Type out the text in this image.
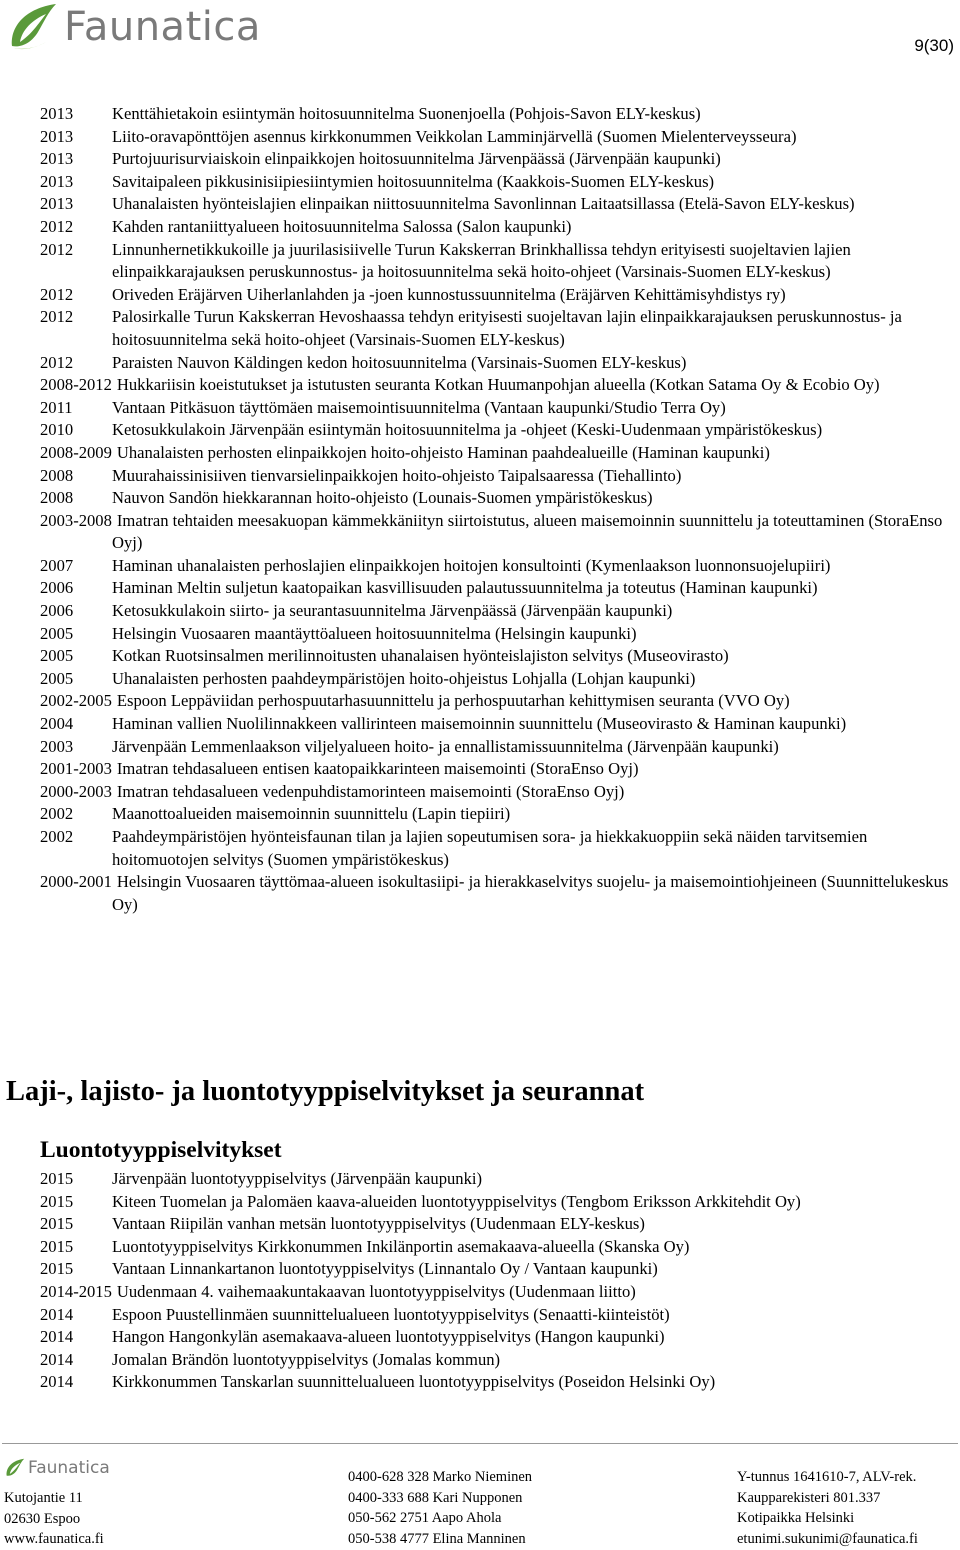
Faunatica	9(30)
2013	Kenttähietakoin esiintymän hoitosuunnitelma Suonenjoella (Pohjois-Savon ELY-keskus)
2013	Liito-oravapönttöjen asennus kirkkonummen Veikkolan Lamminjärvellä (Suomen Mielenterveysseura)
2013	Purtojuurisurviaiskoin elinpaikkojen hoitosuunnitelma Järvenpäässä (Järvenpään kaupunki)
2013	Savitaipaleen pikkusinisiipiesiintymien hoitosuunnitelma (Kaakkois-Suomen ELY-keskus)
2013	Uhanalaisten hyönteislajien elinpaikan niittosuunnitelma Savonlinnan Laitaatsillassa (Etelä-Savon ELY-keskus)
2012	Kahden rantaniittyalueen hoitosuunnitelma Salossa (Salon kaupunki)
2012	Linnunhernetikkukoille ja juurilasisiivelle Turun Kakskerran Brinkhallissa tehdyn erityisesti suojeltavien lajien elinpaikkarajauksen peruskunnostus- ja hoitosuunnitelma sekä hoito-ohjeet (Varsinais-Suomen ELY-keskus)
2012	Oriveden Eräjärven Uiherlanlahden ja -joen kunnostussuunnitelma (Eräjärven Kehittämisyhdistys ry)
2012	Palosirkalle Turun Kakskerran Hevoshaassa tehdyn erityisesti suojeltavan lajin elinpaikkarajauksen peruskunnostus- ja hoitosuunnitelma sekä hoito-ohjeet (Varsinais-Suomen ELY-keskus)
2012	Paraisten Nauvon Käldingen kedon hoitosuunnitelma (Varsinais-Suomen ELY-keskus)
2008-2012 Hukkariisin koeistutukset ja istutusten seuranta Kotkan Huumanpohjan alueella (Kotkan Satama Oy & Ecobio Oy)
2011	Vantaan Pitkäsuon täyttömäen maisemointisuunnitelma (Vantaan kaupunki/Studio Terra Oy)
2010	Ketosukkulakoin Järvenpään esiintymän hoitosuunnitelma ja -ohjeet (Keski-Uudenmaan ympäristökeskus)
2008-2009 Uhanalaisten perhosten elinpaikkojen hoito-ohjeisto Haminan paahdealueille (Haminan kaupunki)
2008	Muurahaissinisiiven tienvarsielinpaikkojen hoito-ohjeisto Taipalsaaressa (Tiehallinto)
2008	Nauvon Sandön hiekkarannan hoito-ohjeisto (Lounais-Suomen ympäristökeskus)
2003-2008 Imatran tehtaiden meesakuopan kämmekkäniityn siirtoistutus, alueen maisemoinnin suunnittelu ja toteuttaminen (StoraEnso Oyj)
2007	Haminan uhanalaisten perhoslajien elinpaikkojen hoitojen konsultointi (Kymenlaakson luonnonsuojelupiiri)
2006	Haminan Meltin suljetun kaatopaikan kasvillisuuden palautussuunnitelma ja toteutus (Haminan kaupunki)
2006	Ketosukkulakoin siirto- ja seurantasuunnitelma Järvenpäässä (Järvenpään kaupunki)
2005	Helsingin Vuosaaren maantäyttöalueen hoitosuunnitelma (Helsingin kaupunki)
2005	Kotkan Ruotsinsalmen merilinnoitusten uhanalaisen hyönteislajiston selvitys (Museovirasto)
2005	Uhanalaisten perhosten paahdeympäristöjen hoito-ohjeistus Lohjalla (Lohjan kaupunki)
2002-2005 Espoon Leppäviidan perhospuutarhasuunnittelu ja perhospuutarhan kehittymisen seuranta (VVO Oy)
2004	Haminan vallien Nuolilinnakkeen vallirinteen maisemoinnin suunnittelu (Museovirasto & Haminan kaupunki)
2003	Järvenpään Lemmenlaakson viljelyalueen hoito- ja ennallistamissuunnitelma (Järvenpään kaupunki)
2001-2003 Imatran tehdasalueen entisen kaatopaikkarinteen maisemointi (StoraEnso Oyj)
2000-2003 Imatran tehdasalueen vedenpuhdistamorinteen maisemointi (StoraEnso Oyj)
2002	Maanottoalueiden maisemoinnin suunnittelu (Lapin tiepiiri)
2002	Paahdeympäristöjen hyönteisfaunan tilan ja lajien sopeutumisen sora- ja hiekkakuoppiin sekä näiden tarvitsemien hoitomuotojen selvitys (Suomen ympäristökeskus)
2000-2001 Helsingin Vuosaaren täyttömaa-alueen isokultasiipi- ja hierakkaselvitys suojelu- ja maisemointiohjeineen (Suunnittelukeskus Oy)
Laji-, lajisto- ja luontotyyppiselvitykset ja seurannat
Luontotyyppiselvitykset
2015	Järvenpään luontotyyppiselvitys (Järvenpään kaupunki)
2015	Kiteen Tuomelan ja Palomäen kaava-alueiden luontotyyppiselvitys (Tengbom Eriksson Arkkitehdit Oy)
2015	Vantaan Riipilän vanhan metsän luontotyyppiselvitys (Uudenmaan ELY-keskus)
2015	Luontotyyppiselvitys Kirkkonummen Inkilänportin asemakaava-alueella (Skanska Oy)
2015	Vantaan Linnankartanon luontotyyppiselvitys (Linnantalo Oy / Vantaan kaupunki)
2014-2015 Uudenmaan 4. vaihemaakuntakaavan luontotyyppiselvitys (Uudenmaan liitto)
2014	Espoon Puustellinmäen suunnittelualueen luontotyyppiselvitys (Senaatti-kiinteistöt)
2014	Hangon Hangonkylän asemakaava-alueen luontotyyppiselvitys (Hangon kaupunki)
2014	Jomalan Brändön luontotyyppiselvitys (Jomalas kommun)
2014	Kirkkonummen Tanskarlan suunnittelualueen luontotyyppiselvitys (Poseidon Helsinki Oy)
Faunatica
Kutojantie 11
02630 Espoo
www.faunatica.fi
0400-628 328 Marko Nieminen
0400-333 688 Kari Nupponen
050-562 2751 Aapo Ahola
050-538 4777 Elina Manninen
Y-tunnus 1641610-7, ALV-rek.
Kaupparekisteri 801.337
Kotipaikka Helsinki
etunimi.sukunimi@faunatica.fi
